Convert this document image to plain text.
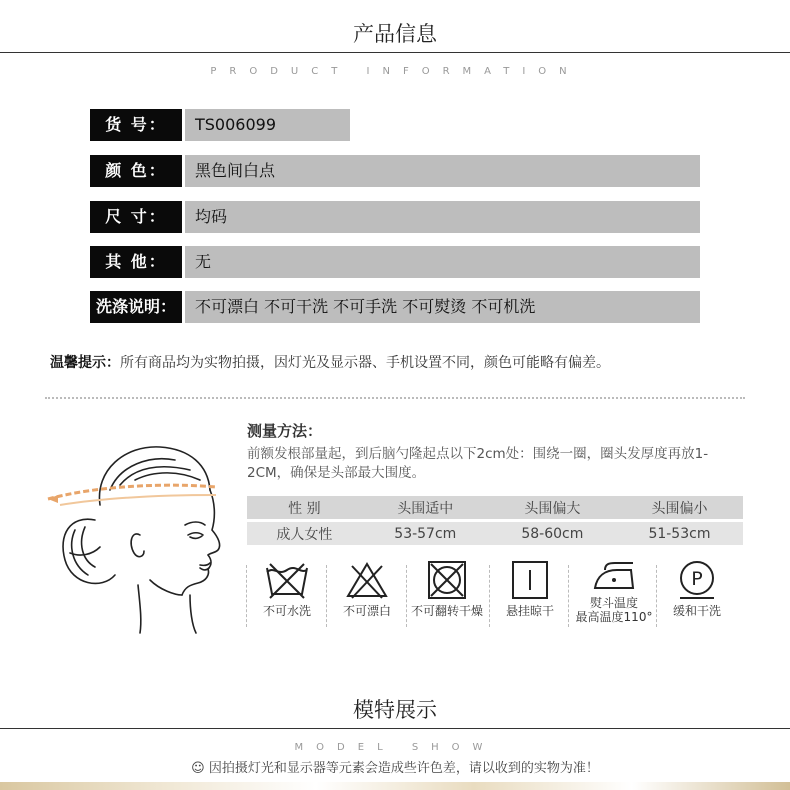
产品信息
PRODUCT INFORMATION
货 号：	TS006099
颜 色：	黑色间白点
尺 寸：	均码
其 他：	无
洗涤说明：	不可漂白 不可干洗 不可手洗 不可熨烫 不可机洗
温馨提示：所有商品均为实物拍摄，因灯光及显示器、手机设置不同，颜色可能略有偏差。
测量方法：
前额发根部量起，到后脑勺隆起点以下2cm处：围绕一圈，圈头发厚度再放1-2CM，确保是头部最大围度。
性 别	头围适中	头围偏大	头围偏小

成人女性	53-57cm	58-60cm	51-53cm
不可水洗	不可漂白	不可翻转干燥	悬挂晾干
熨斗温度
最高温度110°
P
缓和干洗
模特展示
MODEL SHOW
☺ 因拍摄灯光和显示器等元素会造成些许色差，请以收到的实物为准！
